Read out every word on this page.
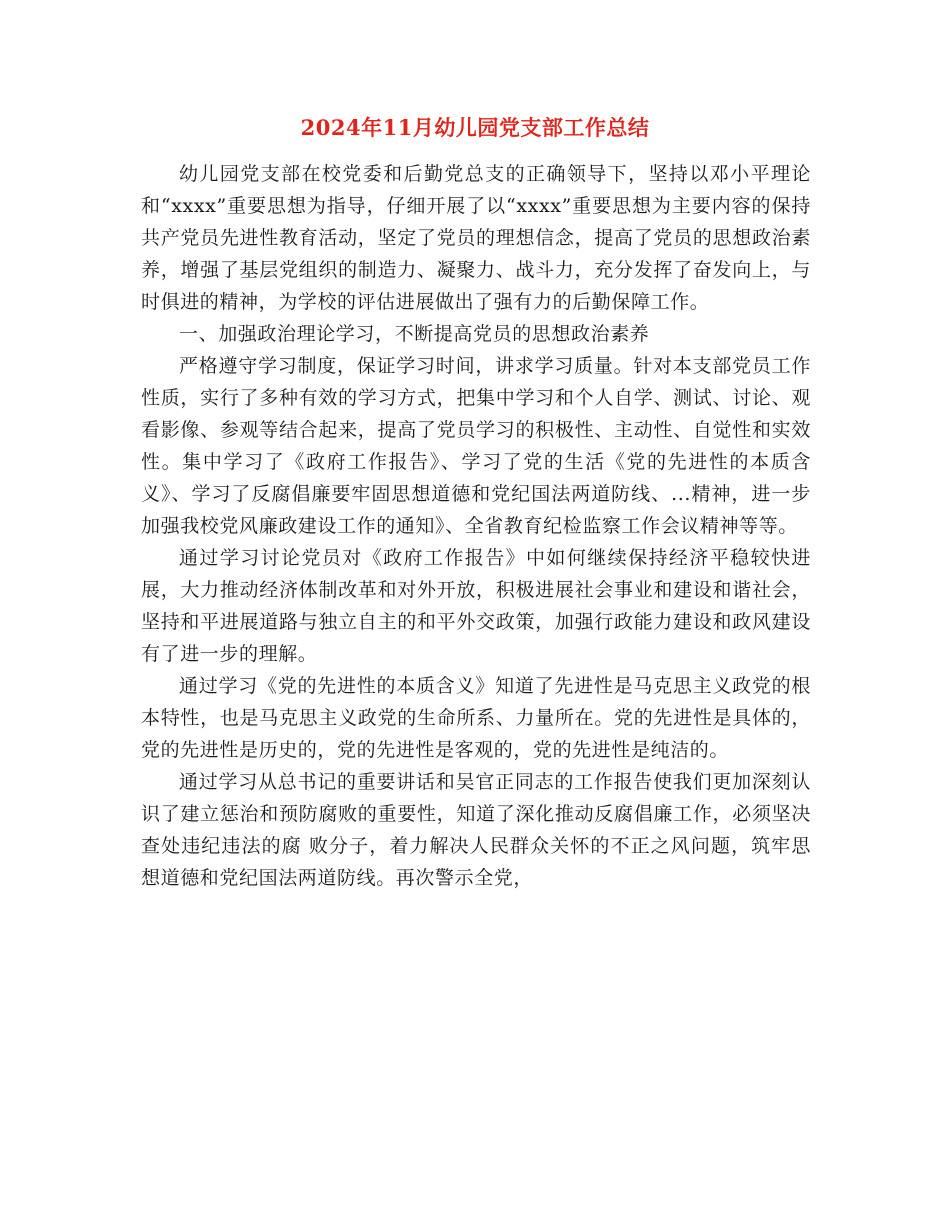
2024年11月幼儿园党支部工作总结

幼儿园党支部在校党委和后勤党总支的正确领导下，坚持以邓小平理论和“xxxx”重要思想为指导，仔细开展了以“xxxx”重要思想为主要内容的保持共产党员先进性教育活动，坚定了党员的理想信念，提高了党员的思想政治素养，增强了基层党组织的制造力、凝聚力、战斗力，充分发挥了奋发向上，与时俱进的精神，为学校的评估进展做出了强有力的后勤保障工作。

一、加强政治理论学习，不断提高党员的思想政治素养

严格遵守学习制度，保证学习时间，讲求学习质量。针对本支部党员工作性质，实行了多种有效的学习方式，把集中学习和个人自学、测试、讨论、观看影像、参观等结合起来，提高了党员学习的积极性、主动性、自觉性和实效性。集中学习了《政府工作报告》、学习了党的生活《党的先进性的本质含义》、学习了反腐倡廉要牢固思想道德和党纪国法两道防线、...精神，进一步加强我校党风廉政建设工作的通知》、全省教育纪检监察工作会议精神等等。

通过学习讨论党员对《政府工作报告》中如何继续保持经济平稳较快进展，大力推动经济体制改革和对外开放，积极进展社会事业和建设和谐社会，坚持和平进展道路与独立自主的和平外交政策，加强行政能力建设和政风建设有了进一步的理解。

通过学习《党的先进性的本质含义》知道了先进性是马克思主义政党的根本特性，也是马克思主义政党的生命所系、力量所在。党的先进性是具体的，党的先进性是历史的，党的先进性是客观的，党的先进性是纯洁的。

通过学习从总书记的重要讲话和吴官正同志的工作报告使我们更加深刻认识了建立惩治和预防腐败的重要性，知道了深化推动反腐倡廉工作，必须坚决查处违纪违法的腐 败分子，着力解决人民群众关怀的不正之风问题，筑牢思想道德和党纪国法两道防线。再次警示全党，
